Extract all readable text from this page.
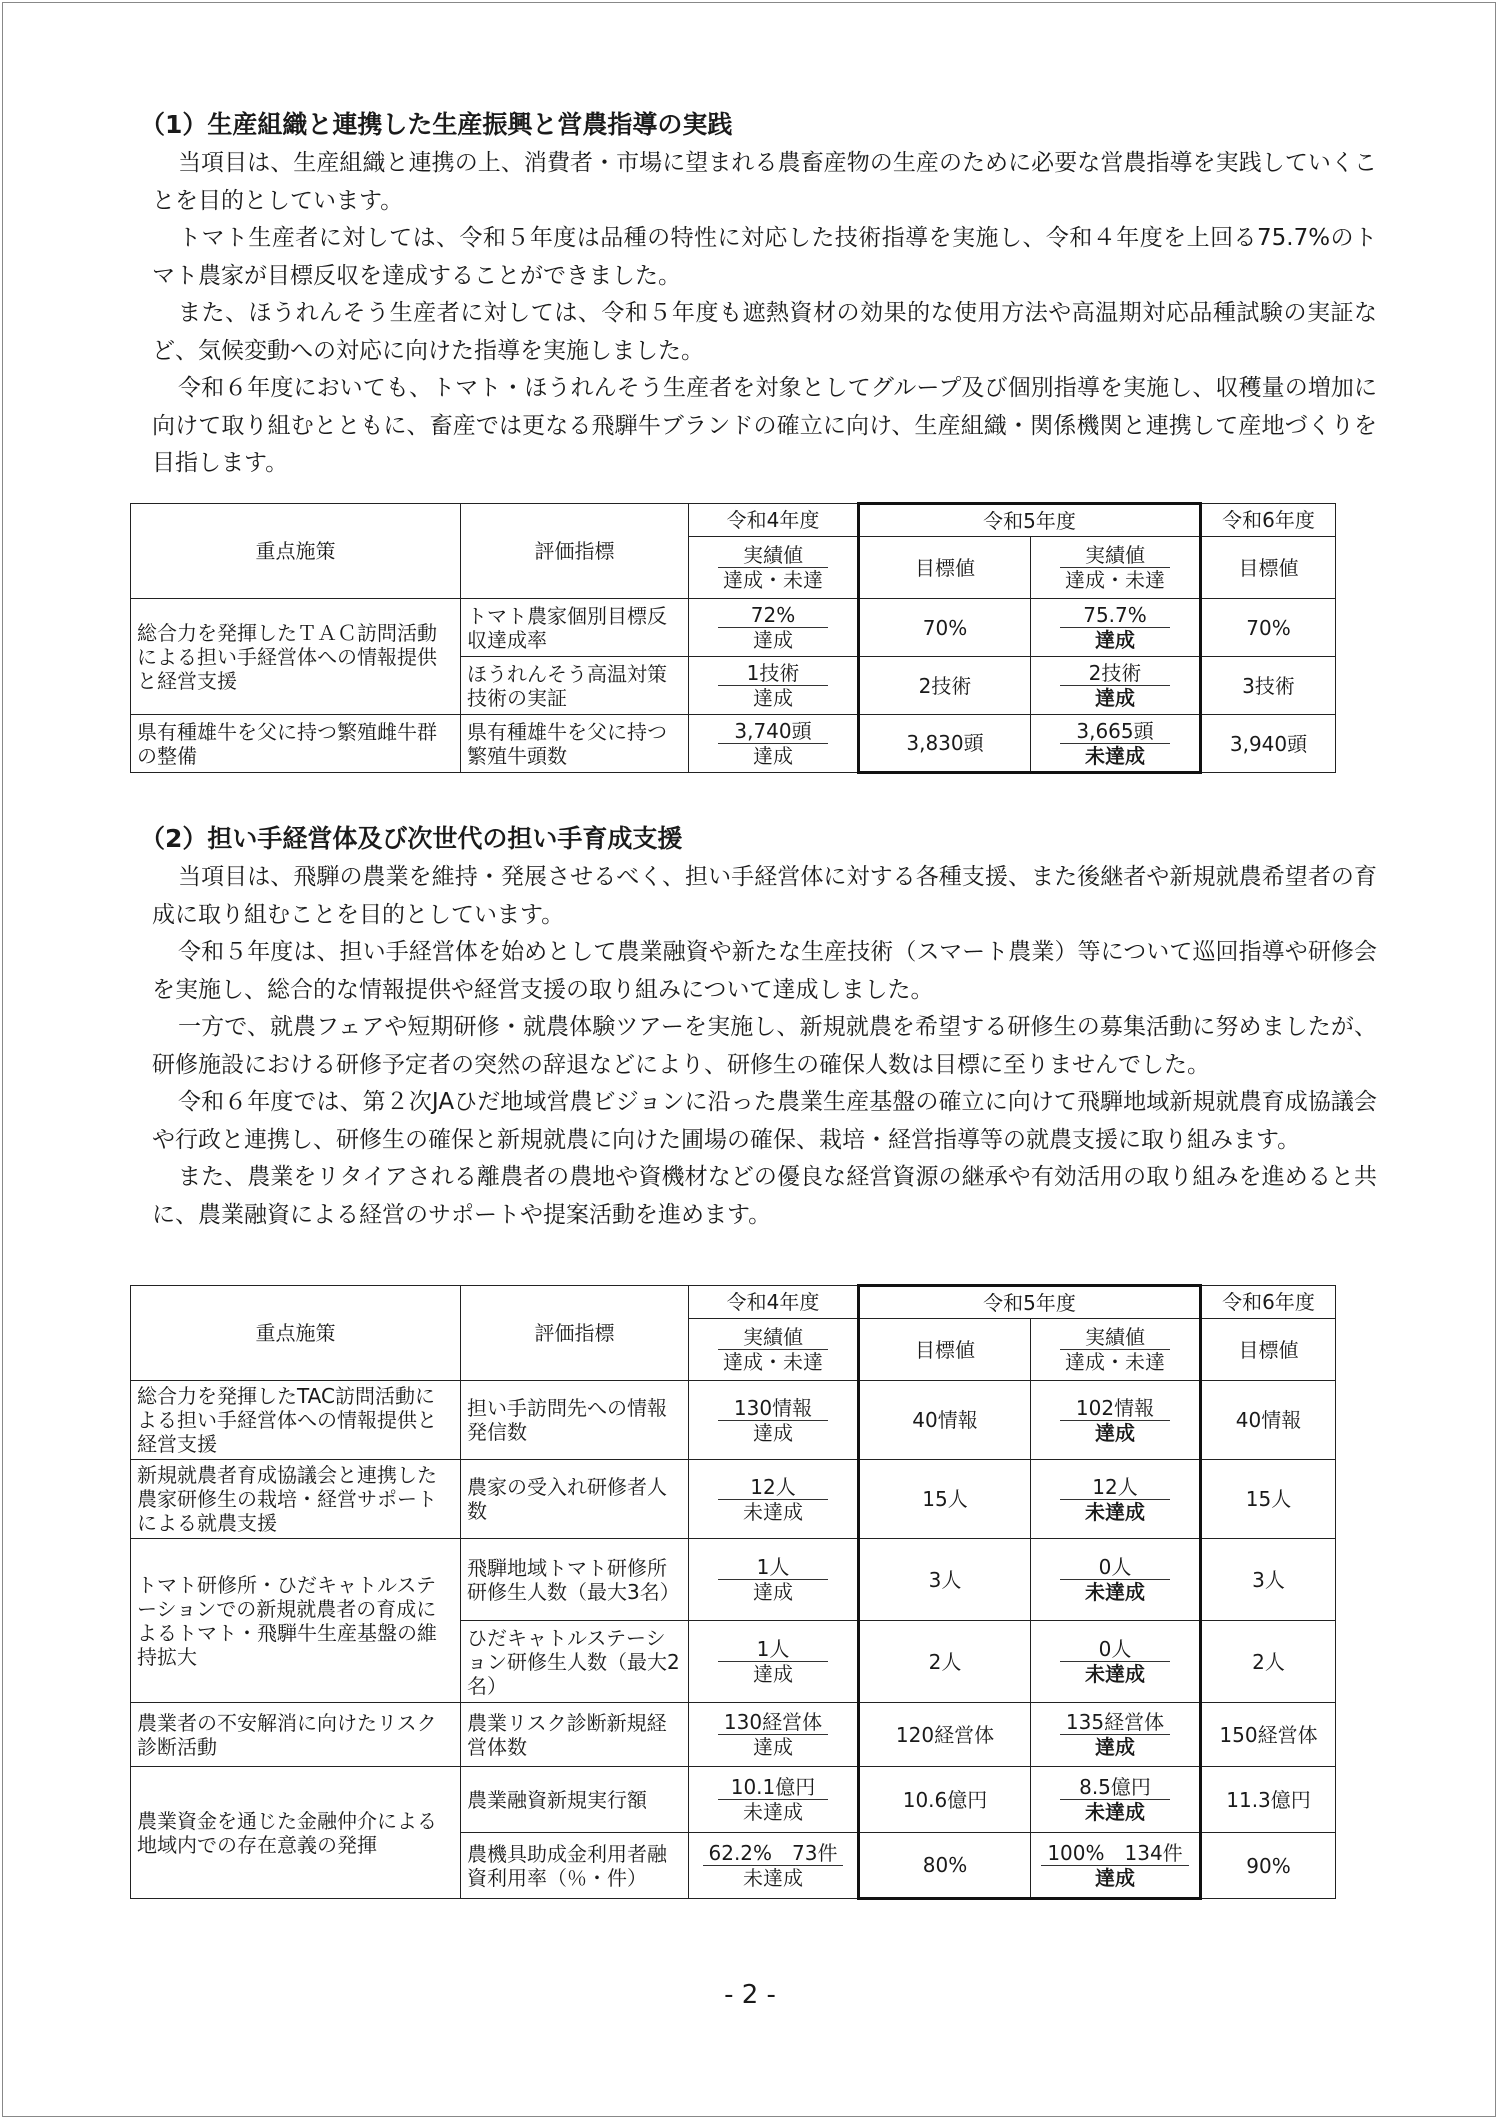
（1）生産組織と連携した生産振興と営農指導の実践

当項目は、生産組織と連携の上、消費者・市場に望まれる農畜産物の生産のために必要な営農指導を実践していくことを目的としています。

トマト生産者に対しては、令和５年度は品種の特性に対応した技術指導を実施し、令和４年度を上回る75.7%のトマト農家が目標反収を達成することができました。

また、ほうれんそう生産者に対しては、令和５年度も遮熱資材の効果的な使用方法や高温期対応品種試験の実証など、気候変動への対応に向けた指導を実施しました。

令和６年度においても、トマト・ほうれんそう生産者を対象としてグループ及び個別指導を実施し、収穫量の増加に向けて取り組むとともに、畜産では更なる飛騨牛ブランドの確立に向け、生産組織・関係機関と連携して産地づくりを目指します。

重点施策	評価指標	令和4年度	令和5年度		令和6年度

		$\frac{\text{実績値}}{\text{達成・未達}}$	目標値	$\frac{\text{実績値}}{\text{達成・未達}}$	目標値
総合力を発揮したＴＡＣ訪問活動による担い手経営体への情報提供と経営支援	トマト農家個別目標反収達成率	$\frac{72\%}{\text{達成}}$	70%	$\frac{75.7\%}{\text{達成}}$	70%
	ほうれんそう高温対策技術の実証	$\frac{\text{1技術}}{\text{達成}}$	2技術	$\frac{\text{2技術}}{\text{達成}}$	3技術
県有種雄牛を父に持つ繁殖雌牛群の整備	県有種雄牛を父に持つ繁殖牛頭数	$\frac{\text{3,740頭}}{\text{達成}}$	3,830頭	$\frac{\text{3,665頭}}{\text{未達成}}$	3,940頭
（2）担い手経営体及び次世代の担い手育成支援

当項目は、飛騨の農業を維持・発展させるべく、担い手経営体に対する各種支援、また後継者や新規就農希望者の育成に取り組むことを目的としています。

令和５年度は、担い手経営体を始めとして農業融資や新たな生産技術（スマート農業）等について巡回指導や研修会を実施し、総合的な情報提供や経営支援の取り組みについて達成しました。

一方で、就農フェアや短期研修・就農体験ツアーを実施し、新規就農を希望する研修生の募集活動に努めましたが、研修施設における研修予定者の突然の辞退などにより、研修生の確保人数は目標に至りませんでした。

令和６年度では、第２次JAひだ地域営農ビジョンに沿った農業生産基盤の確立に向けて飛騨地域新規就農育成協議会や行政と連携し、研修生の確保と新規就農に向けた圃場の確保、栽培・経営指導等の就農支援に取り組みます。

また、農業をリタイアされる離農者の農地や資機材などの優良な経営資源の継承や有効活用の取り組みを進めると共に、農業融資による経営のサポートや提案活動を進めます。

重点施策	評価指標	令和4年度	令和5年度		令和6年度

		$\frac{\text{実績値}}{\text{達成・未達}}$	目標値	$\frac{\text{実績値}}{\text{達成・未達}}$	目標値
総合力を発揮したTAC訪問活動による担い手経営体への情報提供と経営支援	担い手訪問先への情報発信数	$\frac{\text{130情報}}{\text{達成}}$	40情報	$\frac{\text{102情報}}{\text{達成}}$	40情報
新規就農者育成協議会と連携した農家研修生の栽培・経営サポートによる就農支援	農家の受入れ研修者人数	$\frac{\text{12人}}{\text{未達成}}$	15人	$\frac{\text{12人}}{\text{未達成}}$	15人
トマト研修所・ひだキャトルステーションでの新規就農者の育成によるトマト・飛騨牛生産基盤の維持拡大	飛騨地域トマト研修所研修生人数（最大3名）	$\frac{\text{1人}}{\text{達成}}$	3人	$\frac{\text{0人}}{\text{未達成}}$	3人
	ひだキャトルステーション研修生人数（最大2名）	$\frac{\text{1人}}{\text{達成}}$	2人	$\frac{\text{0人}}{\text{未達成}}$	2人
農業者の不安解消に向けたリスク診断活動	農業リスク診断新規経営体数	$\frac{\text{130経営体}}{\text{達成}}$	120経営体	$\frac{\text{135経営体}}{\text{達成}}$	150経営体
農業資金を通じた金融仲介による地域内での存在意義の発揮	農業融資新規実行額	$\frac{\text{10.1億円}}{\text{未達成}}$	10.6億円	$\frac{\text{8.5億円}}{\text{未達成}}$	11.3億円
	農機具助成金利用者融資利用率（％・件）	$\frac{\text{62.2\%　73件}}{\text{未達成}}$	80%	$\frac{\text{100\%　134件}}{\text{達成}}$	90%
- 2 -
